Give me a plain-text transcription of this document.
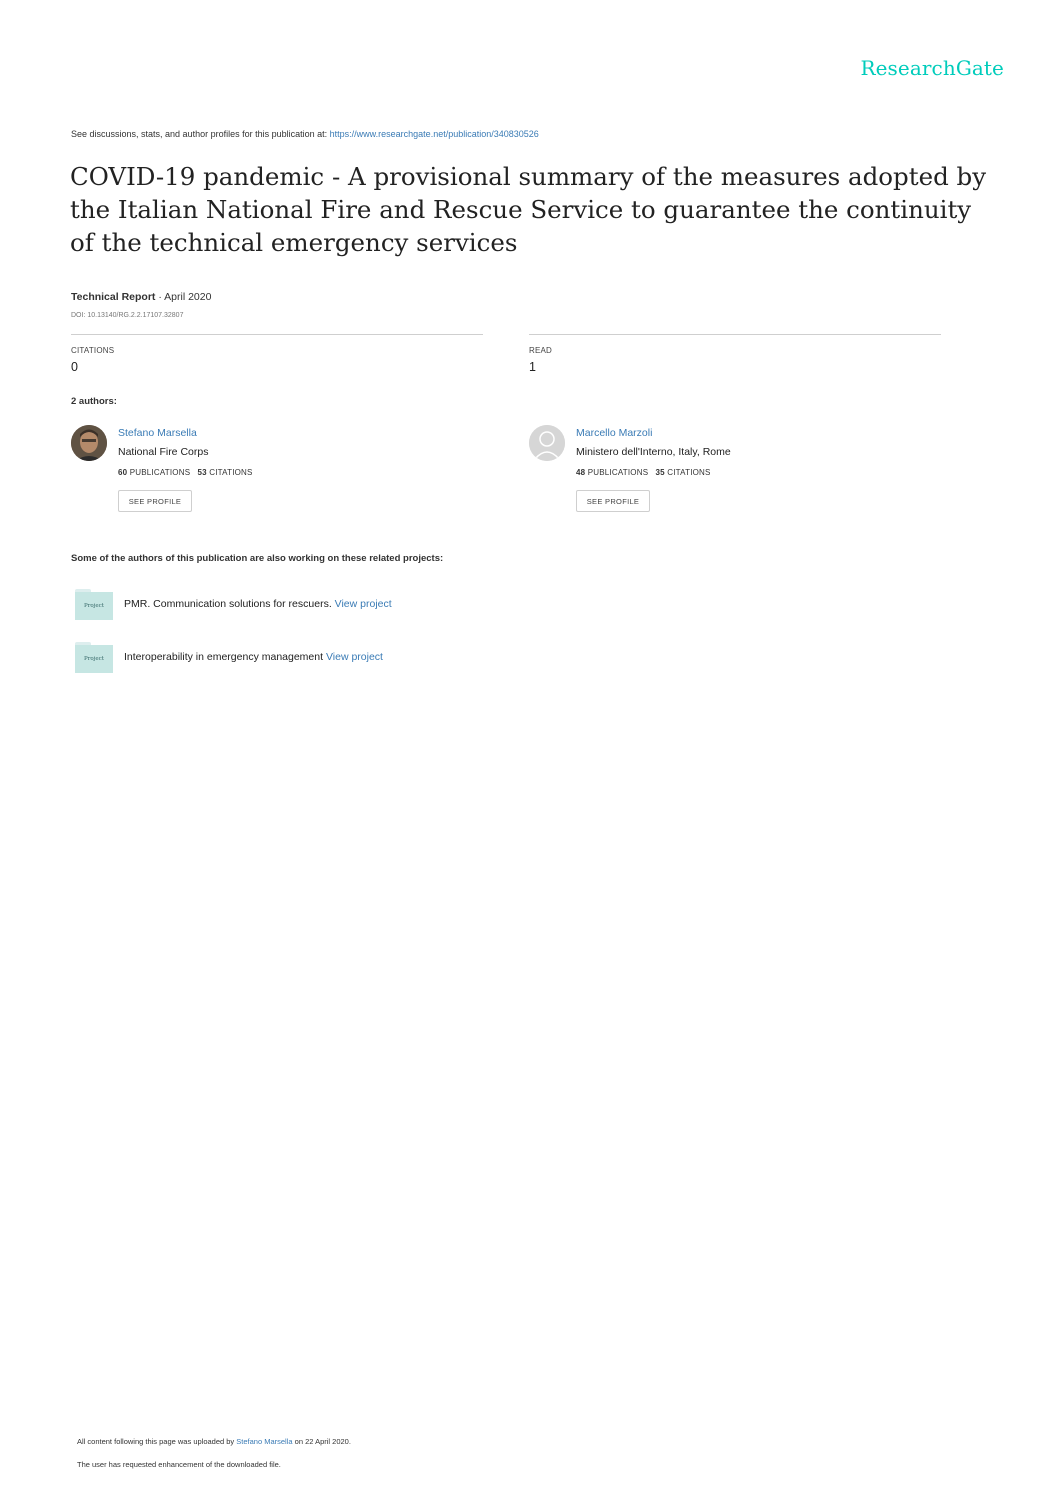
ResearchGate
See discussions, stats, and author profiles for this publication at: https://www.researchgate.net/publication/340830526
COVID-19 pandemic - A provisional summary of the measures adopted by the Italian National Fire and Rescue Service to guarantee the continuity of the technical emergency services
Technical Report · April 2020
DOI: 10.13140/RG.2.2.17107.32807
CITATIONS
0
READ
1
2 authors:
Stefano Marsella
National Fire Corps
60 PUBLICATIONS 53 CITATIONS
SEE PROFILE
Marcello Marzoli
Ministero dell'Interno, Italy, Rome
48 PUBLICATIONS 35 CITATIONS
SEE PROFILE
Some of the authors of this publication are also working on these related projects:
Project	PMR. Communication solutions for rescuers. View project
Project	Interoperability in emergency management View project
All content following this page was uploaded by Stefano Marsella on 22 April 2020.
The user has requested enhancement of the downloaded file.
